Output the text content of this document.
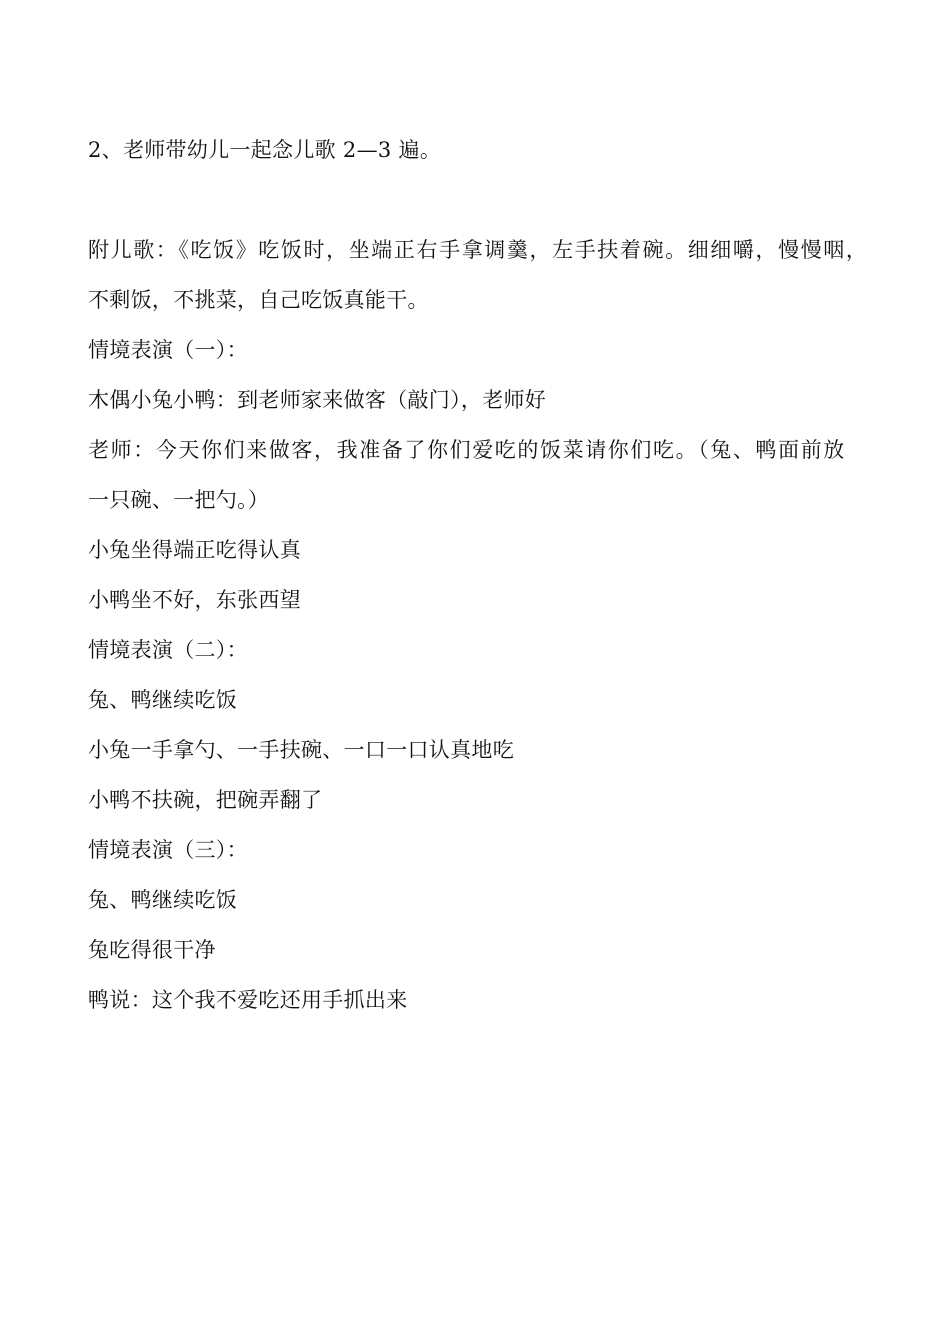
2、老师带幼儿一起念儿歌 2—3 遍。
附儿歌：《吃饭》吃饭时，坐端正右手拿调羹，左手扶着碗。细细嚼，慢慢咽，
不剩饭，不挑菜，自己吃饭真能干。
情境表演（一）：
木偶小兔小鸭：到老师家来做客（敲门），老师好
老师：今天你们来做客，我准备了你们爱吃的饭菜请你们吃。（兔、鸭面前放
一只碗、一把勺。）
小兔坐得端正吃得认真
小鸭坐不好，东张西望
情境表演（二）：
兔、鸭继续吃饭
小兔一手拿勺、一手扶碗、一口一口认真地吃
小鸭不扶碗，把碗弄翻了
情境表演（三）：
兔、鸭继续吃饭
兔吃得很干净
鸭说：这个我不爱吃还用手抓出来
